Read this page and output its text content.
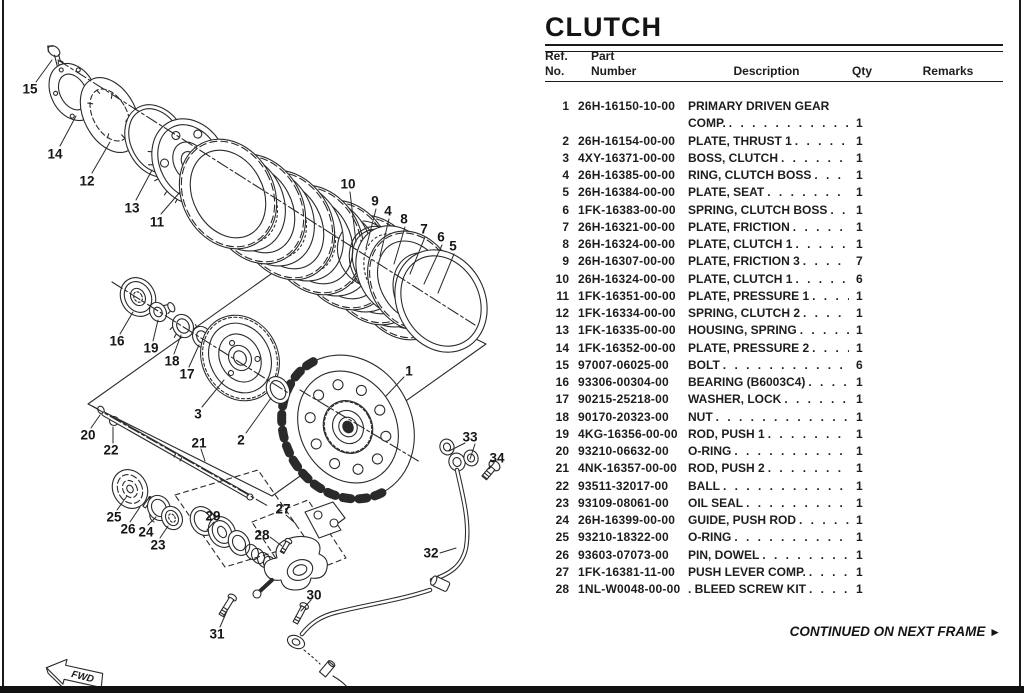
FWD
1
2
3
4
5
6
7
8
9
10
11
12
13
14
15
16
17
18
19
20
21
22
23
24
25
26
27
28
29
30
31
32
33
34
CLUTCH
Ref.	Part
No.	Number	Description	Qty	Remarks
1 26H-16150-10-00	PRIMARY DRIVEN GEAR
COMP. . . .	1
2 26H-16154-00-00	PLATE, THRUST 1 . . .	1
3 4XY-16371-00-00	BOSS, CLUTCH . . .	1
4 26H-16385-00-00	RING, CLUTCH BOSS . . .	1
5 26H-16384-00-00	PLATE, SEAT . . .	1
6 1FK-16383-00-00	SPRING, CLUTCH BOSS . . .	1
7 26H-16321-00-00	PLATE, FRICTION . . .	1
8 26H-16324-00-00	PLATE, CLUTCH 1 . . .	1
9 26H-16307-00-00	PLATE, FRICTION 3 . . .	7
10 26H-16324-00-00	PLATE, CLUTCH 1 . . .	6
11 1FK-16351-00-00	PLATE, PRESSURE 1 . . .	1
12 1FK-16334-00-00	SPRING, CLUTCH 2 . . .	1
13 1FK-16335-00-00	HOUSING, SPRING . . .	1
14 1FK-16352-00-00	PLATE, PRESSURE 2 . . .	1
15 97007-06025-00	BOLT . . .	6
16 93306-00304-00	BEARING (B6003C4) . . .	1
17 90215-25218-00	WASHER, LOCK . . .	1
18 90170-20323-00	NUT . . .	1
19 4KG-16356-00-00 ROD, PUSH 1 . . .	1
20 93210-06632-00	O-RING . . .	1
21 4NK-16357-00-00 ROD, PUSH 2 . . .	1
22 93511-32017-00	BALL . . .	1
23 93109-08061-00	OIL SEAL . . .	1
24 26H-16399-00-00	GUIDE, PUSH ROD . . .	1
25 93210-18322-00	O-RING . . .	1
26 93603-07073-00	PIN, DOWEL . . .	1
27 1FK-16381-11-00	PUSH LEVER COMP. . . .	1
28 1NL-W0048-00-00 . BLEED SCREW KIT . . .	1
CONTINUED ON NEXT FRAME ►
